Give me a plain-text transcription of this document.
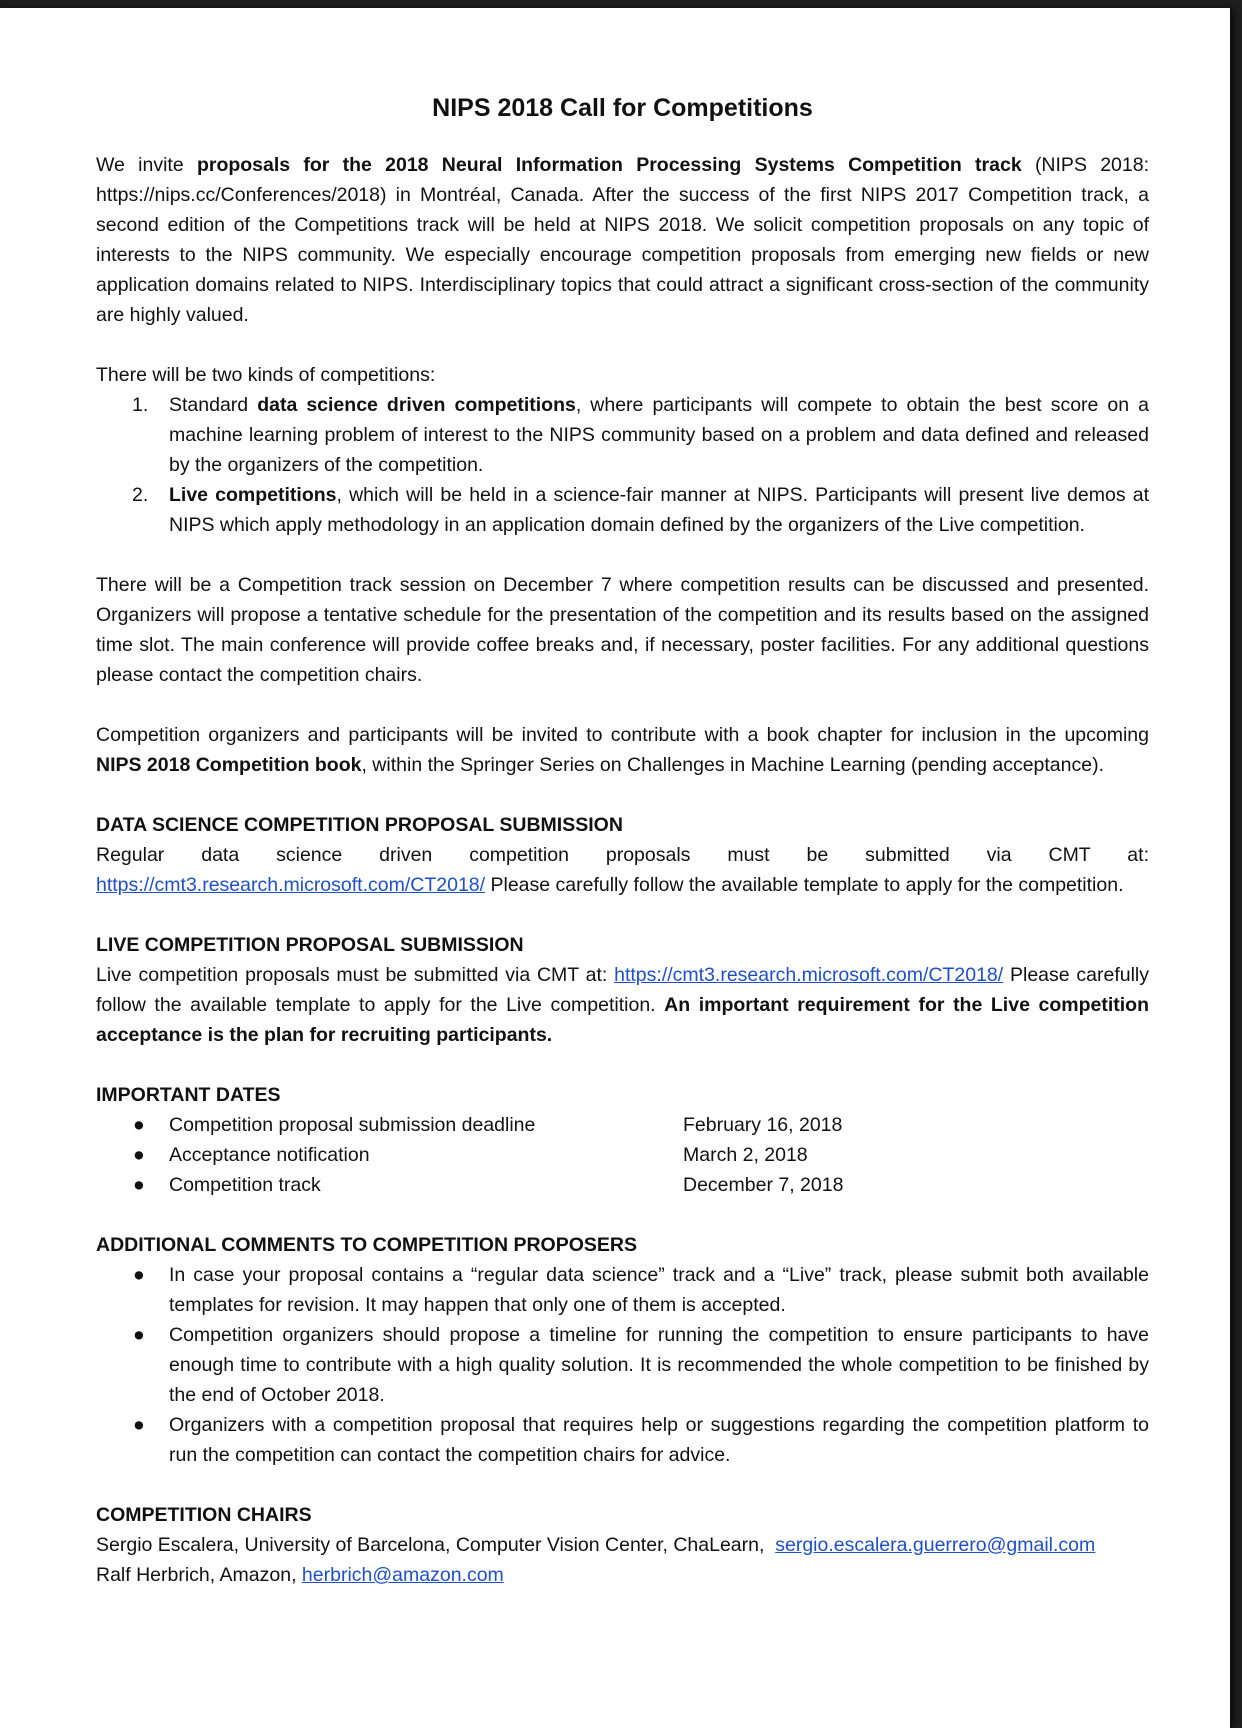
NIPS 2018 Call for Competitions

We invite proposals for the 2018 Neural Information Processing Systems Competition track (NIPS 2018: https://nips.cc/Conferences/2018) in Montréal, Canada. After the success of the first NIPS 2017 Competition track, a second edition of the Competitions track will be held at NIPS 2018. We solicit competition proposals on any topic of interests to the NIPS community. We especially encourage competition proposals from emerging new fields or new application domains related to NIPS. Interdisciplinary topics that could attract a significant cross-section of the community are highly valued.

There will be two kinds of competitions:

1. Standard data science driven competitions, where participants will compete to obtain the best score on a machine learning problem of interest to the NIPS community based on a problem and data defined and released by the organizers of the competition.
2. Live competitions, which will be held in a science-fair manner at NIPS. Participants will present live demos at NIPS which apply methodology in an application domain defined by the organizers of the Live competition.

There will be a Competition track session on December 7 where competition results can be discussed and presented. Organizers will propose a tentative schedule for the presentation of the competition and its results based on the assigned time slot. The main conference will provide coffee breaks and, if necessary, poster facilities. For any additional questions please contact the competition chairs.

Competition organizers and participants will be invited to contribute with a book chapter for inclusion in the upcoming NIPS 2018 Competition book, within the Springer Series on Challenges in Machine Learning (pending acceptance).

DATA SCIENCE COMPETITION PROPOSAL SUBMISSION
Regular data science driven competition proposals must be submitted via CMT at:

https://cmt3.research.microsoft.com/CT2018/ Please carefully follow the available template to apply for the competition.

LIVE COMPETITION PROPOSAL SUBMISSION

Live competition proposals must be submitted via CMT at: https://cmt3.research.microsoft.com/CT2018/ Please carefully follow the available template to apply for the Live competition. An important requirement for the Live competition acceptance is the plan for recruiting participants.

IMPORTANT DATES
● Competition proposal submission deadline	February 16, 2018
● Acceptance notification	March 2, 2018
● Competition track	December 7, 2018
ADDITIONAL COMMENTS TO COMPETITION PROPOSERS
● In case your proposal contains a “regular data science” track and a “Live” track, please submit both available templates for revision. It may happen that only one of them is accepted.
● Competition organizers should propose a timeline for running the competition to ensure participants to have enough time to contribute with a high quality solution. It is recommended the whole competition to be finished by the end of October 2018.
● Organizers with a competition proposal that requires help or suggestions regarding the competition platform to run the competition can contact the competition chairs for advice.
COMPETITION CHAIRS
Sergio Escalera, University of Barcelona, Computer Vision Center, ChaLearn,  sergio.escalera.guerrero@gmail.com
Ralf Herbrich, Amazon, herbrich@amazon.com
